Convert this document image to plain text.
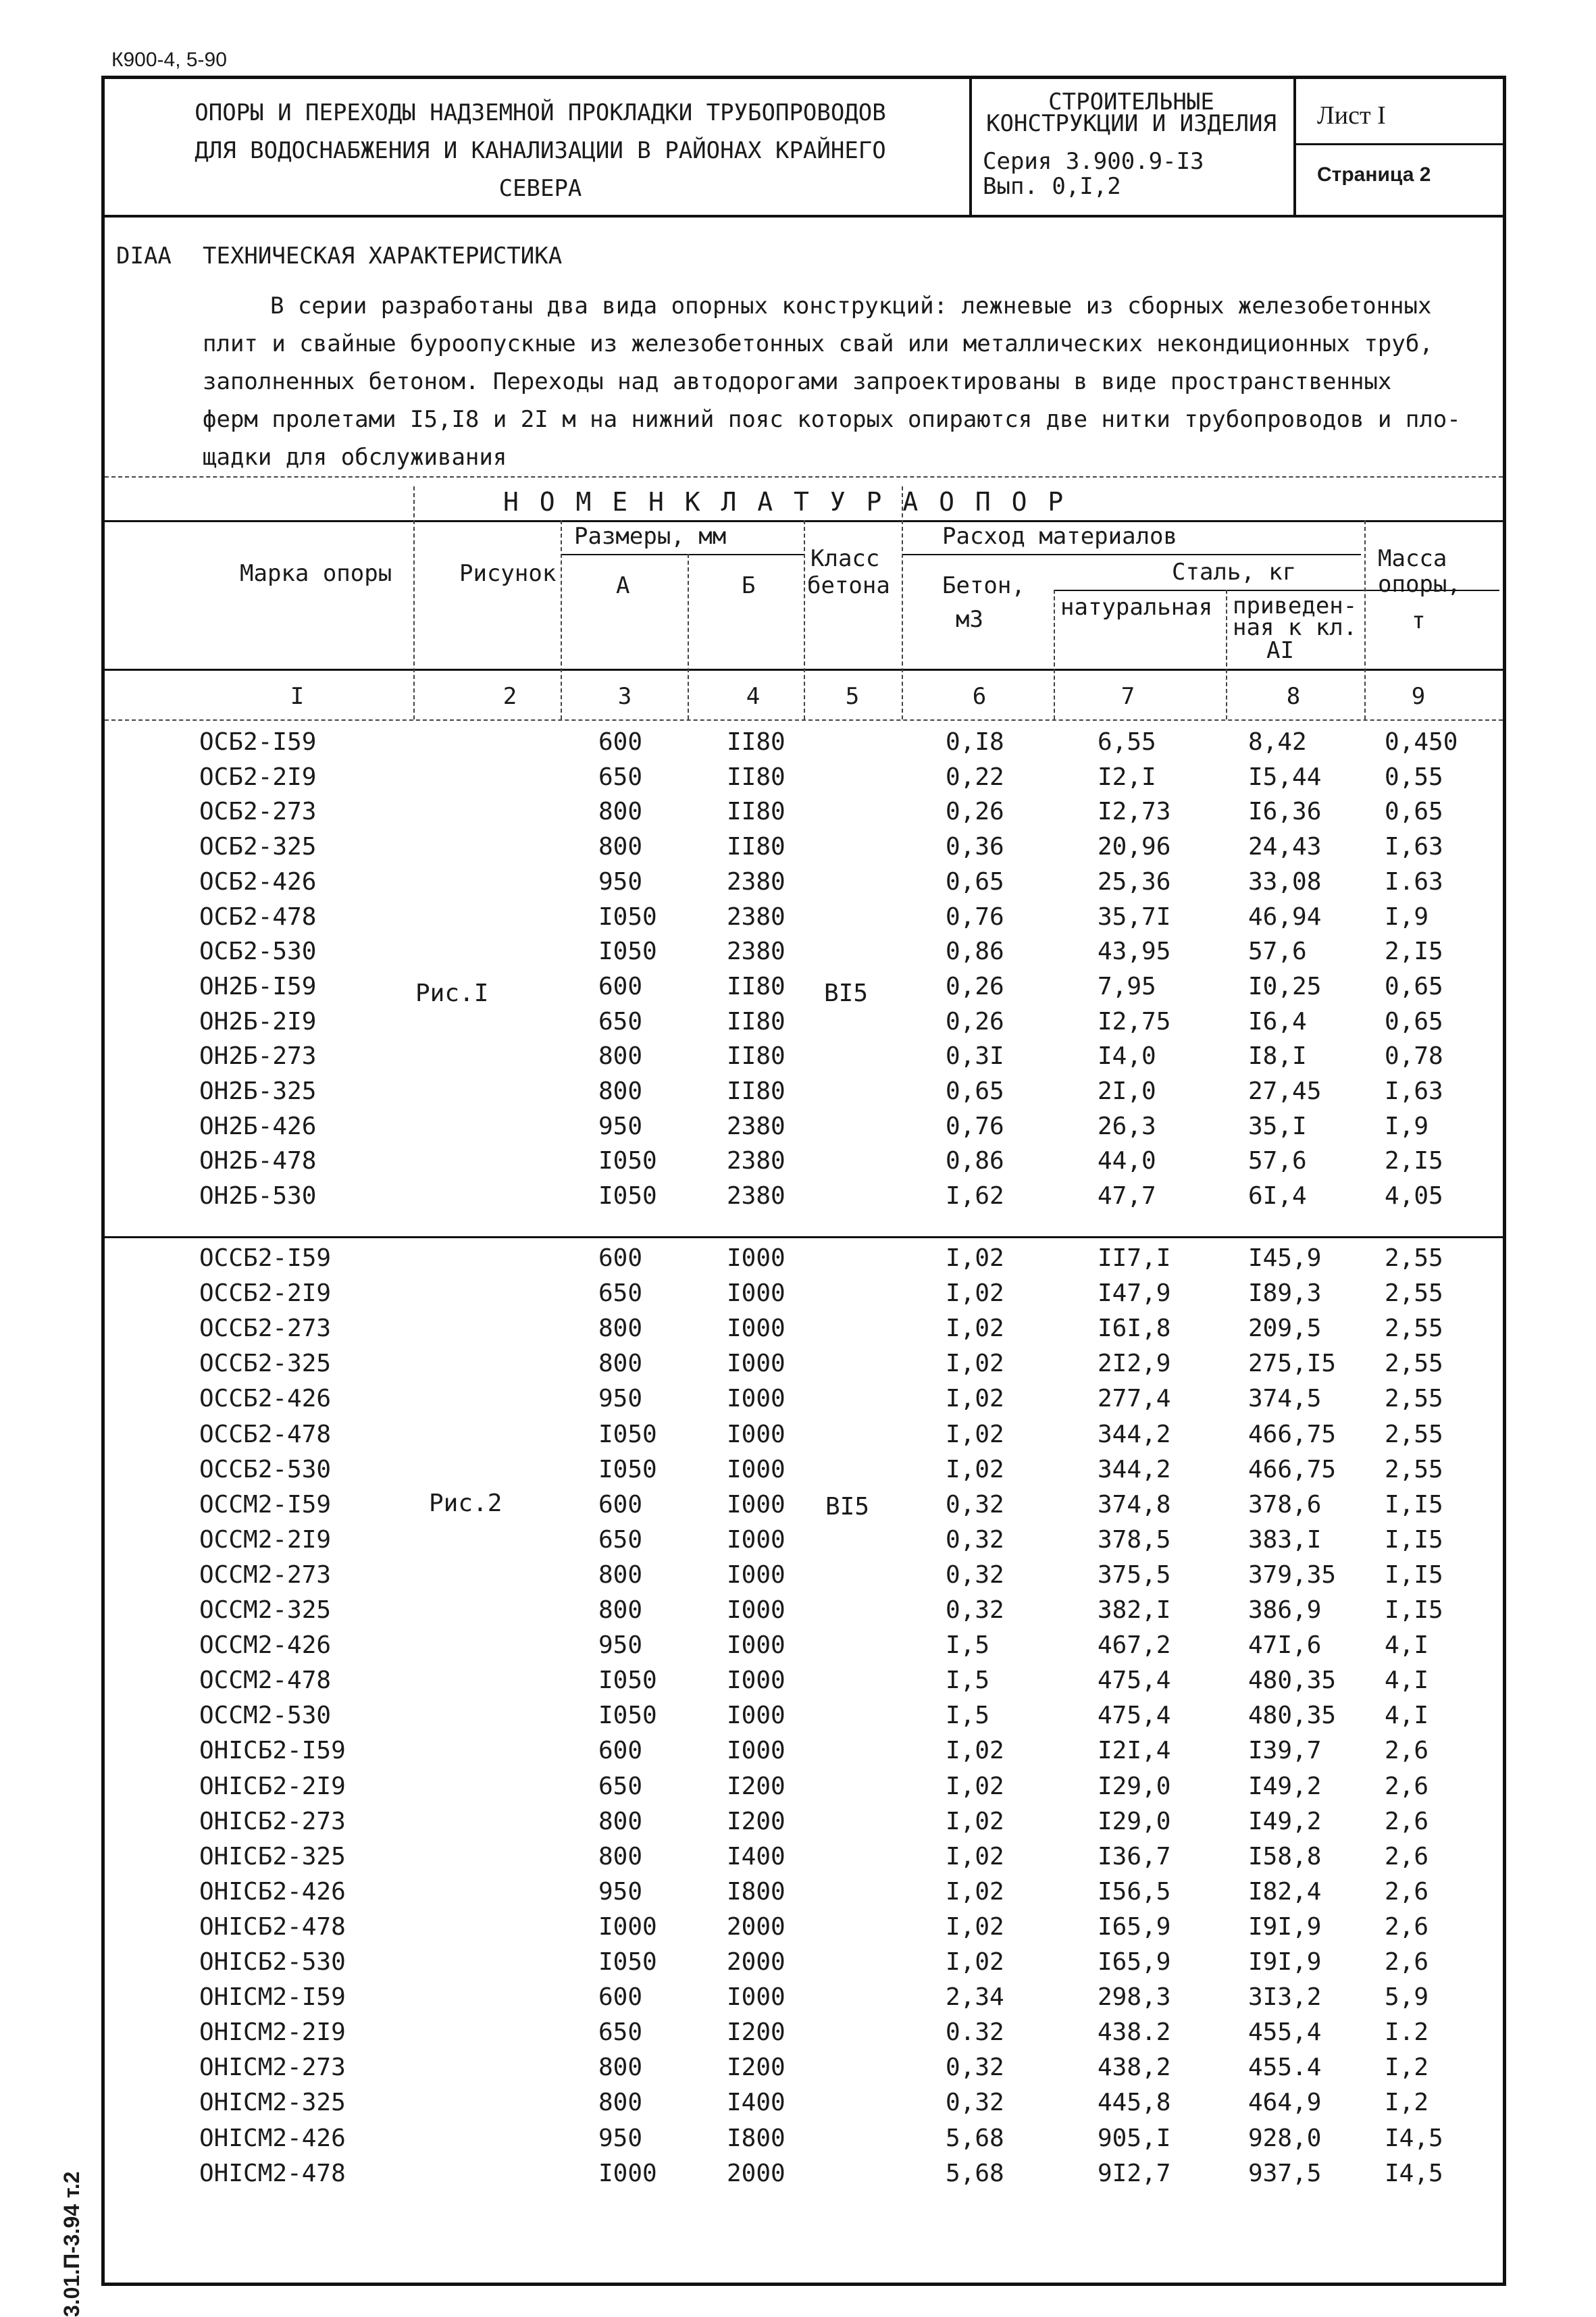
К900-4, 5-90
ОПОРЫ И ПЕРЕХОДЫ НАДЗЕМНОЙ ПРОКЛАДКИ ТРУБОПРОВОДОВ
ДЛЯ ВОДОСНАБЖЕНИЯ И КАНАЛИЗАЦИИ В РАЙОНАХ КРАЙНЕГО
СЕВЕРА
СТРОИТЕЛЬНЫЕ
КОНСТРУКЦИИ И ИЗДЕЛИЯ
Серия 3.900.9-I3
Вып. 0,I,2
Лист I
Страница 2
DIAA ТЕХНИЧЕСКАЯ ХАРАКТЕРИСТИКА

В серии разработаны два вида опорных конструкций: лежневые из сборных железобетонных

плит и свайные буроопускные из железобетонных свай или металлических некондиционных труб,

заполненных бетоном. Переходы над автодорогами запроектированы в виде пространственных

ферм пролетами I5,I8 и 2I м на нижний пояс которых опираются две нитки трубопроводов и пло-

щадки для обслуживания

Н О М Е Н К Л А Т У Р А О П О Р
Марка опоры	Рисунок
Размеры, мм
А	Б
Класс
бетона
Расход материалов
Бетон,
м3
Сталь, кг
натуральная приведен-
ная к кл.
AI
Масса
опоры,
т
I	2	3	4	5	6	7	8	9
Рис.I	BI5
Рис.2	BI5
ОСБ2-I59	600	II80	0,I8	6,55	8,42	0,450
ОСБ2-2I9	650	II80	0,22	I2,I	I5,44	0,55
ОСБ2-273	800	II80	0,26	I2,73	I6,36	0,65
ОСБ2-325	800	II80	0,36	20,96	24,43	I,63
ОСБ2-426	950	2380	0,65	25,36	33,08	I.63
ОСБ2-478	I050	2380	0,76	35,7I	46,94	I,9
ОСБ2-530	I050	2380	0,86	43,95	57,6	2,I5
ОН2Б-I59	600	II80	0,26	7,95	I0,25	0,65
ОН2Б-2I9	650	II80	0,26	I2,75	I6,4	0,65
ОН2Б-273	800	II80	0,3I	I4,0	I8,I	0,78
ОН2Б-325	800	II80	0,65	2I,0	27,45	I,63
ОН2Б-426	950	2380	0,76	26,3	35,I	I,9
ОН2Б-478	I050	2380	0,86	44,0	57,6	2,I5
ОН2Б-530	I050	2380	I,62	47,7	6I,4	4,05
ОССБ2-I59	600	I000	I,02	II7,I	I45,9	2,55
ОССБ2-2I9	650	I000	I,02	I47,9	I89,3	2,55
ОССБ2-273	800	I000	I,02	I6I,8	209,5	2,55
ОССБ2-325	800	I000	I,02	2I2,9	275,I5 2,55
ОССБ2-426	950	I000	I,02	277,4	374,5	2,55
ОССБ2-478	I050	I000	I,02	344,2	466,75 2,55
ОССБ2-530	I050	I000	I,02	344,2	466,75 2,55
ОССМ2-I59	600	I000	0,32	374,8	378,6	I,I5
ОССМ2-2I9	650	I000	0,32	378,5	383,I	I,I5
ОССМ2-273	800	I000	0,32	375,5	379,35 I,I5
ОССМ2-325	800	I000	0,32	382,I	386,9	I,I5
ОССМ2-426	950	I000	I,5	467,2	47I,6	4,I
ОССМ2-478	I050	I000	I,5	475,4	480,35 4,I
ОССМ2-530	I050	I000	I,5	475,4	480,35 4,I
ОНIСБ2-I59	600	I000	I,02	I2I,4	I39,7	2,6
ОНIСБ2-2I9	650	I200	I,02	I29,0	I49,2	2,6
ОНIСБ2-273	800	I200	I,02	I29,0	I49,2	2,6
ОНIСБ2-325	800	I400	I,02	I36,7	I58,8	2,6
ОНIСБ2-426	950	I800	I,02	I56,5	I82,4	2,6
ОНIСБ2-478	I000	2000	I,02	I65,9	I9I,9	2,6
ОНIСБ2-530	I050	2000	I,02	I65,9	I9I,9	2,6
ОНIСМ2-I59	600	I000	2,34	298,3	3I3,2	5,9
ОНIСМ2-2I9	650	I200	0.32	438.2	455,4	I.2
ОНIСМ2-273	800	I200	0,32	438,2	455.4	I,2
ОНIСМ2-325	800	I400	0,32	445,8	464,9	I,2
ОНIСМ2-426	950	I800	5,68	905,I	928,0	I4,5
ОНIСМ2-478	I000	2000	5,68	9I2,7	937,5	I4,5
3.01.П-3.94 т.2
